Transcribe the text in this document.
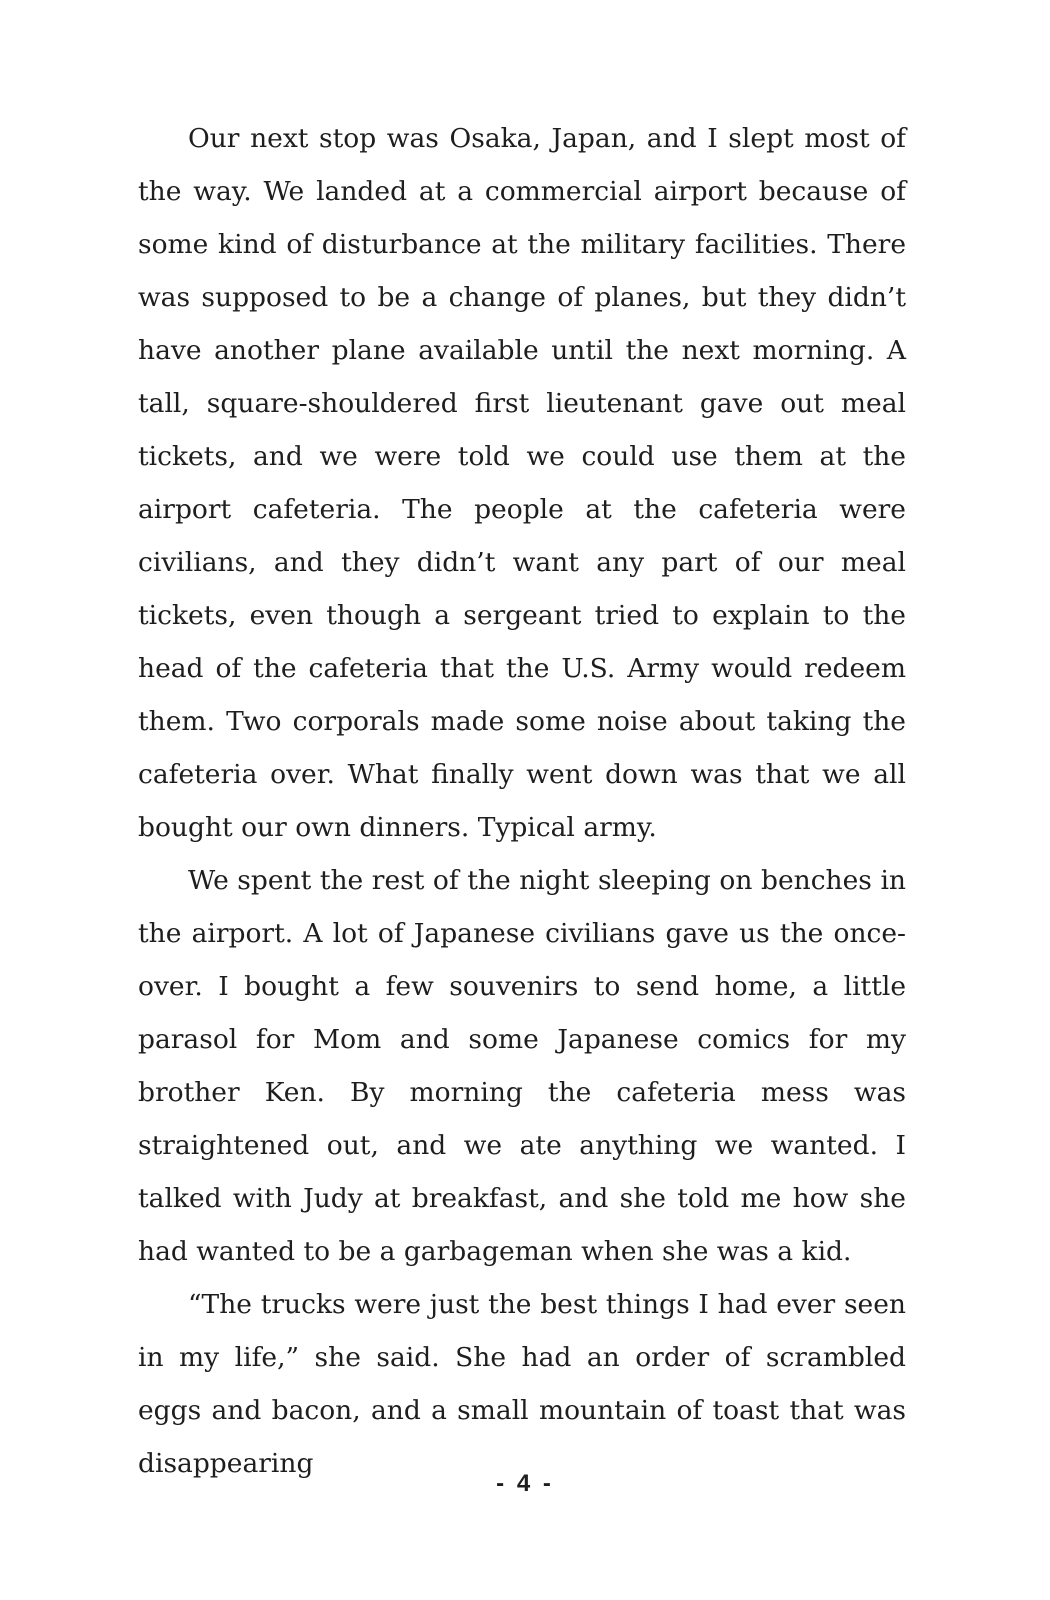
Our next stop was Osaka, Japan, and I slept most of the way. We landed at a commercial airport because of some kind of disturbance at the military facilities. There was supposed to be a change of planes, but they didn’t have another plane available until the next morning. A tall, square-shouldered first lieutenant gave out meal tickets, and we were told we could use them at the airport cafeteria. The people at the cafeteria were civilians, and they didn’t want any part of our meal tickets, even though a sergeant tried to explain to the head of the cafeteria that the U.S. Army would redeem them. Two corporals made some noise about taking the cafeteria over. What finally went down was that we all bought our own dinners. Typical army.

We spent the rest of the night sleeping on benches in the airport. A lot of Japanese civilians gave us the once-over. I bought a few souvenirs to send home, a little parasol for Mom and some Japanese comics for my brother Ken. By morning the cafeteria mess was straightened out, and we ate anything we wanted. I talked with Judy at breakfast, and she told me how she had wanted to be a garbageman when she was a kid.

“The trucks were just the best things I had ever seen in my life,” she said. She had an order of scrambled eggs and bacon, and a small mountain of toast that was disappearing

- 4 -
